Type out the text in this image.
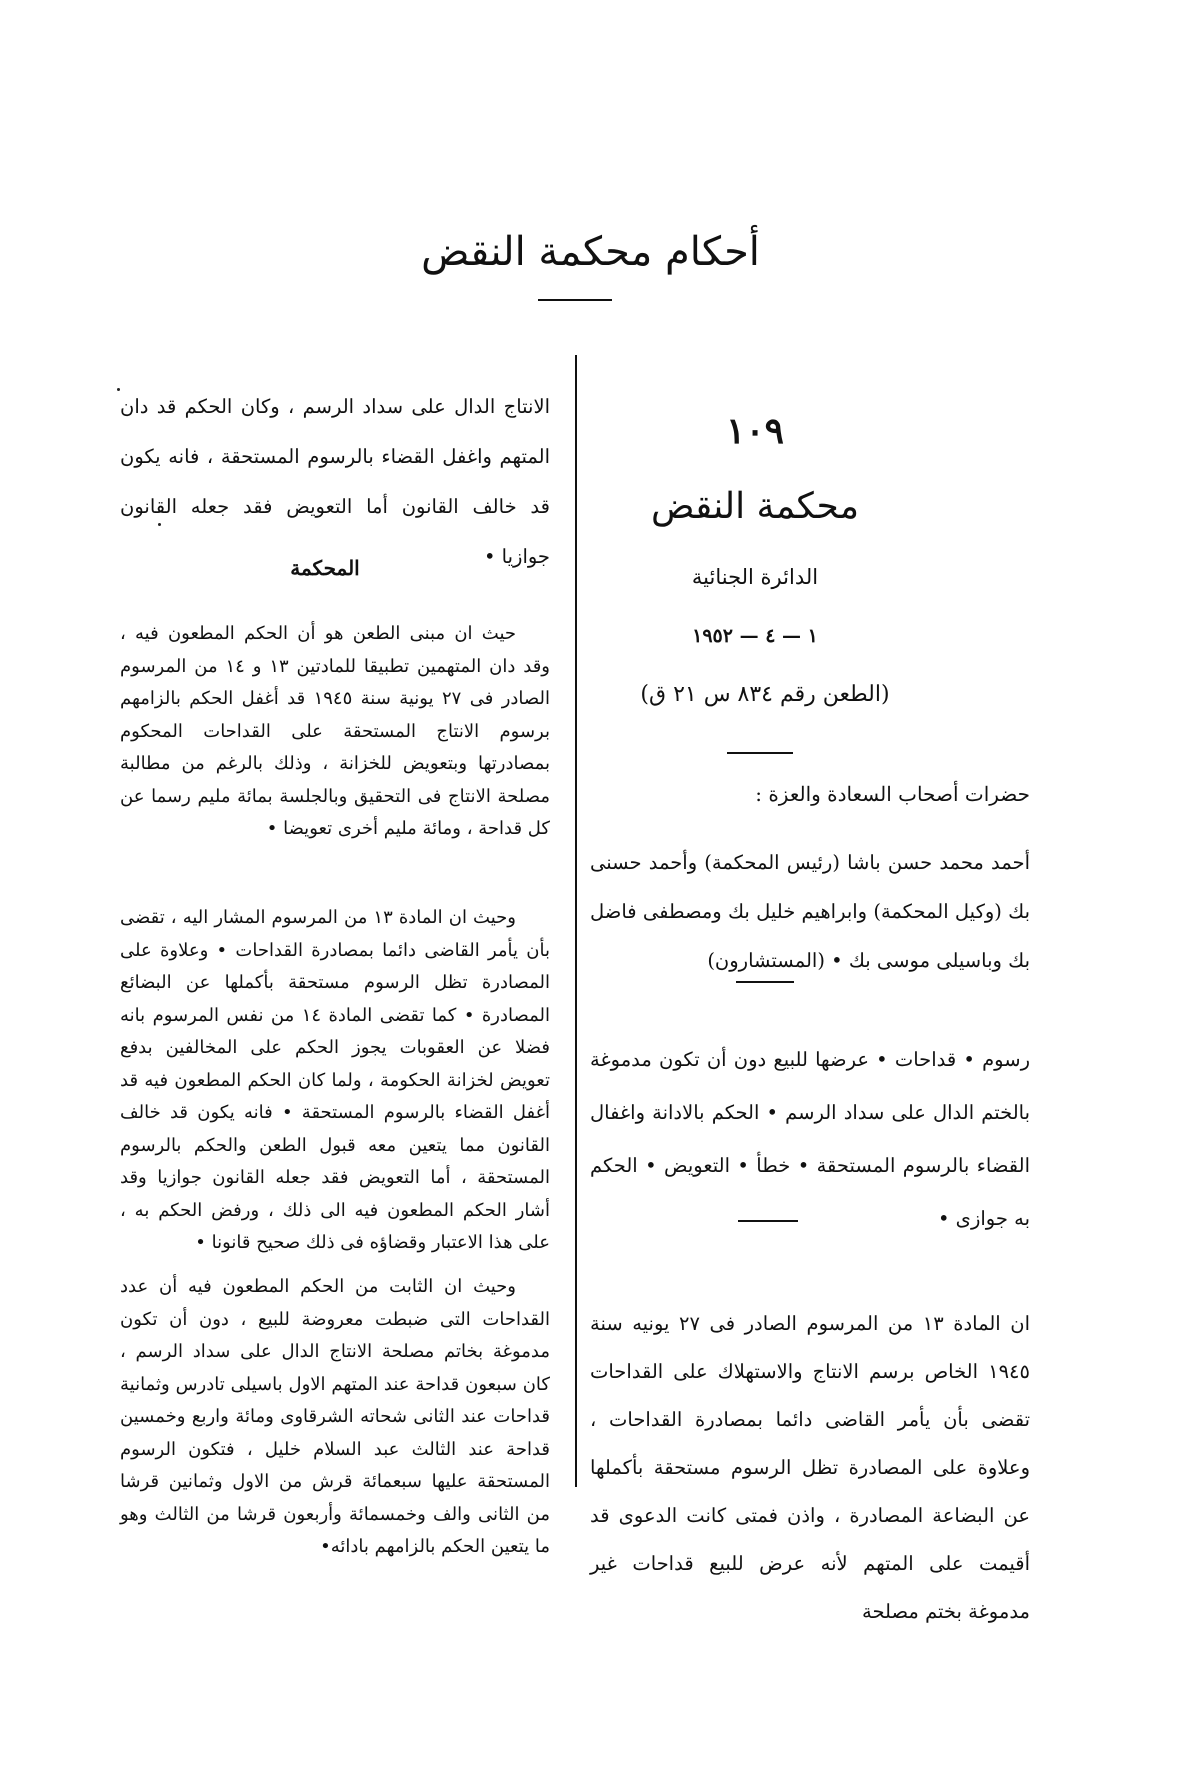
أحكام محكمة النقض
١٠٩
محكمة النقض
الدائرة الجنائية
١ — ٤ — ١٩٥٢
(الطعن رقم ٨٣٤ س ٢١ ق)
حضرات أصحاب السعادة والعزة :
أحمد محمد حسن باشا (رئيس المحكمة) وأحمد حسنى بك (وكيل المحكمة) وابراهيم خليل بك ومصطفى فاضل بك وباسيلى موسى بك • (المستشارون)
رسوم • قداحات • عرضها للبيع دون أن تكون مدموغة بالختم الدال على سداد الرسم • الحكم بالادانة واغفال القضاء بالرسوم المستحقة • خطأ • التعويض • الحكم به جوازى •
ان المادة ١٣ من المرسوم الصادر فى ٢٧ يونيه سنة ١٩٤٥ الخاص برسم الانتاج والاستهلاك على القداحات تقضى بأن يأمر القاضى دائما بمصادرة القداحات ، وعلاوة على المصادرة تظل الرسوم مستحقة بأكملها عن البضاعة المصادرة ، واذن فمتى كانت الدعوى قد أقيمت على المتهم لأنه عرض للبيع قداحات غير مدموغة بختم مصلحة
الانتاج الدال على سداد الرسم ، وكان الحكم قد دان المتهم واغفل القضاء بالرسوم المستحقة ، فانه يكون قد خالف القانون أما التعويض فقد جعله القانون جوازيا •
المحكمة
حيث ان مبنى الطعن هو أن الحكم المطعون فيه ، وقد دان المتهمين تطبيقا للمادتين ١٣ و ١٤ من المرسوم الصادر فى ٢٧ يونية سنة ١٩٤٥ قد أغفل الحكم بالزامهم برسوم الانتاج المستحقة على القداحات المحكوم بمصادرتها وبتعويض للخزانة ، وذلك بالرغم من مطالبة مصلحة الانتاج فى التحقيق وبالجلسة بمائة مليم رسما عن كل قداحة ، ومائة مليم أخرى تعويضا •
وحيث ان المادة ١٣ من المرسوم المشار اليه ، تقضى بأن يأمر القاضى دائما بمصادرة القداحات • وعلاوة على المصادرة تظل الرسوم مستحقة بأكملها عن البضائع المصادرة • كما تقضى المادة ١٤ من نفس المرسوم بانه فضلا عن العقوبات يجوز الحكم على المخالفين بدفع تعويض لخزانة الحكومة ، ولما كان الحكم المطعون فيه قد أغفل القضاء بالرسوم المستحقة • فانه يكون قد خالف القانون مما يتعين معه قبول الطعن والحكم بالرسوم المستحقة ، أما التعويض فقد جعله القانون جوازيا وقد أشار الحكم المطعون فيه الى ذلك ، ورفض الحكم به ، على هذا الاعتبار وقضاؤه فى ذلك صحيح قانونا •
وحيث ان الثابت من الحكم المطعون فيه أن عدد القداحات التى ضبطت معروضة للبيع ، دون أن تكون مدموغة بخاتم مصلحة الانتاج الدال على سداد الرسم ، كان سبعون قداحة عند المتهم الاول باسيلى تادرس وثمانية قداحات عند الثانى شحاته الشرقاوى ومائة واربع وخمسين قداحة عند الثالث عبد السلام خليل ، فتكون الرسوم المستحقة عليها سبعمائة قرش من الاول وثمانين قرشا من الثانى والف وخمسمائة وأربعون قرشا من الثالث وهو ما يتعين الحكم بالزامهم بادائه•
